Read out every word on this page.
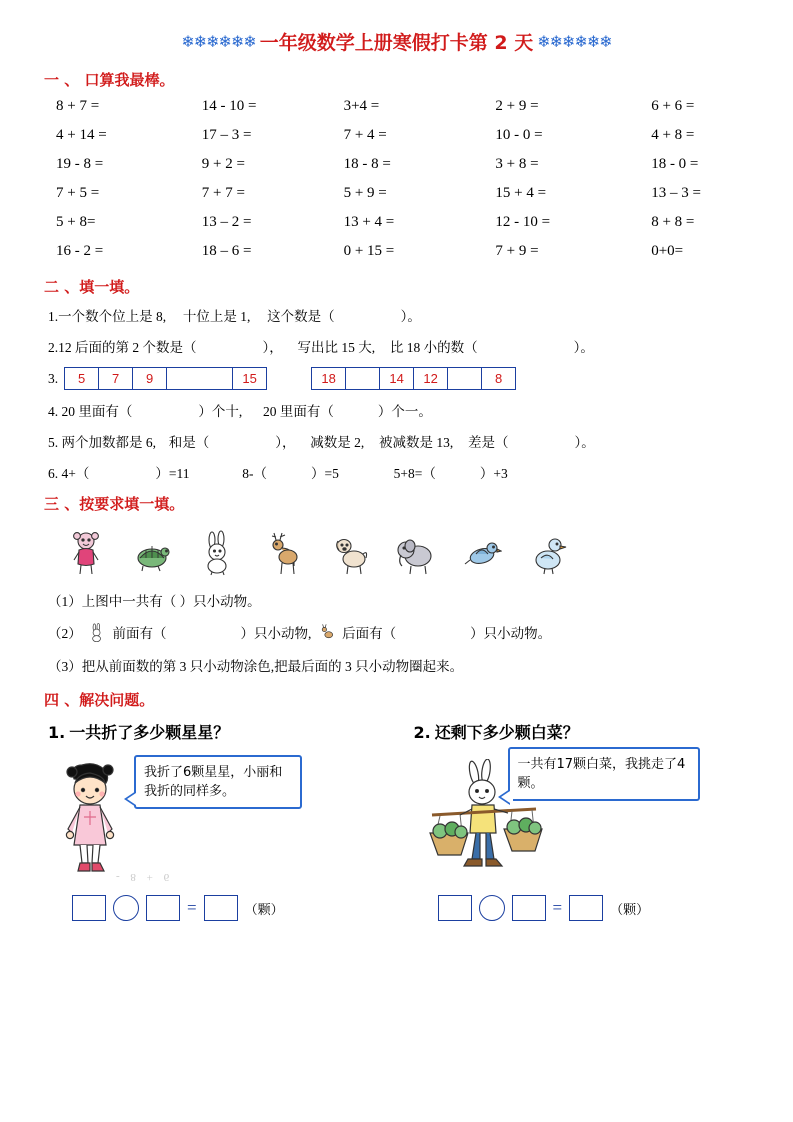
❄❄❄❄❄❄ 一年级数学上册寒假打卡第 2 天 ❄❄❄❄❄❄
一 、 口算我最棒。
8 + 7 =	14 - 10 =	3+4 =	2 + 9 =	6 + 6 =
4 + 14 =	17 – 3 =	7 + 4 =	10 - 0 =	4 + 8 =
19 - 8 =	9 + 2 =	18 - 8 =	3 + 8 =	18 - 0 =
7 + 5 =	7 + 7 =	5 + 9 =	15 + 4 =	13 – 3 =
5 + 8=	13 – 2 =	13 + 4 =	12 - 10 =	8 + 8 =
16 - 2 =	18 – 6 =	0 + 15 =	7 + 9 =	0+0=
二 、填一填。
1.一个数个位上是 8, 十位上是 1, 这个数是（	）。
2.12 后面的第 2 个数是（	）， 写出比 15 大, 比 18 小的数（	）。
3. 5	7	9		15	18		14	12		8
4. 20 里面有（	）个十, 20 里面有（	）个一。
5. 两个加数都是 6, 和是（	）， 减数是 2, 被减数是 13, 差是（	）。
6. 4+（	）=11	8-（	）=5	5+8=（	）+3
三 、按要求填一填。
（1）上图中一共有（ ）只小动物。
（2） 前面有（	）只小动物, 后面有（	）只小动物。
（3）把从前面数的第 3 只小动物涂色,把最后面的 3 只小动物圈起来。
四 、解决问题。
1. 一共折了多少颗星星？
我折了6颗星星，小丽和我折的同样多。
- 8 + 6
=	（颗）
2. 还剩下多少颗白菜？
一共有17颗白菜，我挑走了4颗。
=	（颗）
